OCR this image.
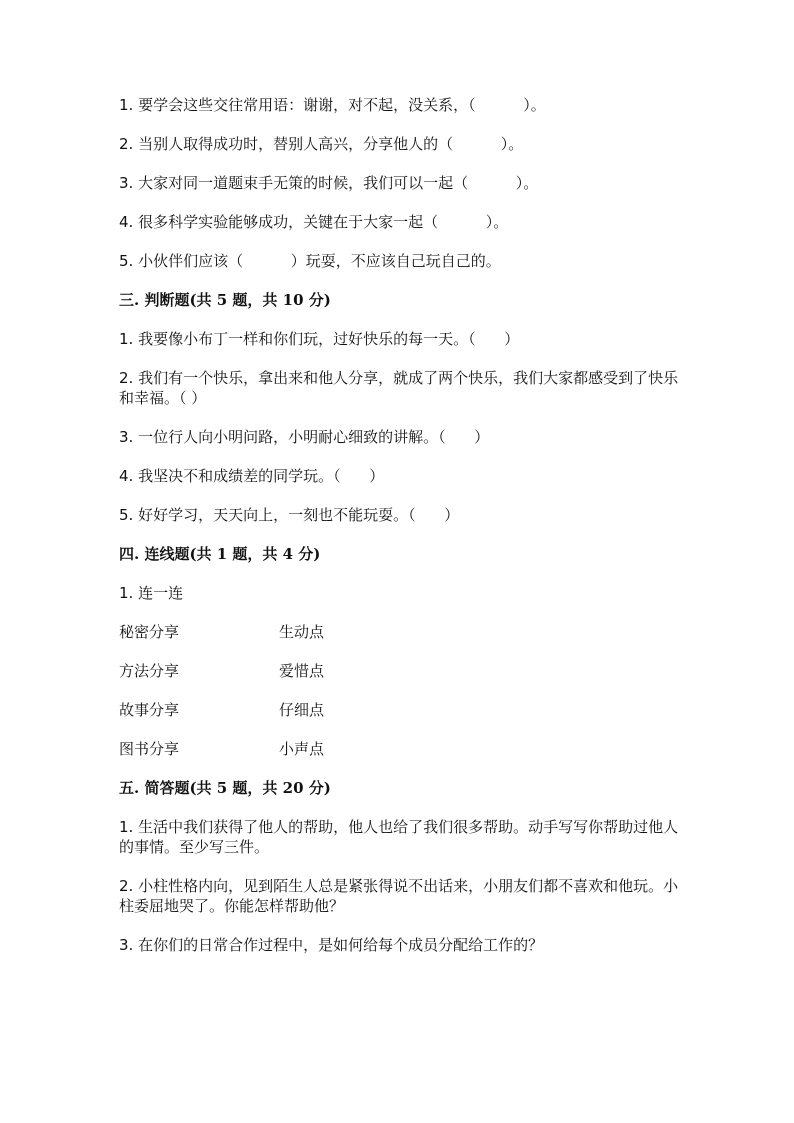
1. 要学会这些交往常用语：谢谢，对不起，没关系，（          ）。

2. 当别人取得成功时，替别人高兴，分享他人的（          ）。

3. 大家对同一道题束手无策的时候，我们可以一起（          ）。

4. 很多科学实验能够成功，关键在于大家一起（          ）。

5. 小伙伴们应该（          ）玩耍，不应该自己玩自己的。

三. 判断题(共 5 题，共 10 分)

1. 我要像小布丁一样和你们玩，过好快乐的每一天。（      ）

2. 我们有一个快乐，拿出来和他人分享，就成了两个快乐，我们大家都感受到了快乐和幸福。（ ）

3. 一位行人向小明问路，小明耐心细致的讲解。（      ）

4. 我坚决不和成绩差的同学玩。（      ）

5. 好好学习，天天向上，一刻也不能玩耍。（      ）

四. 连线题(共 1 题，共 4 分)

1. 连一连

秘密分享	生动点
方法分享	爱惜点
故事分享	仔细点
图书分享	小声点

五. 简答题(共 5 题，共 20 分)

1. 生活中我们获得了他人的帮助，他人也给了我们很多帮助。动手写写你帮助过他人的事情。至少写三件。

2. 小柱性格内向，见到陌生人总是紧张得说不出话来，小朋友们都不喜欢和他玩。小柱委屈地哭了。你能怎样帮助他？

3. 在你们的日常合作过程中，是如何给每个成员分配给工作的？
